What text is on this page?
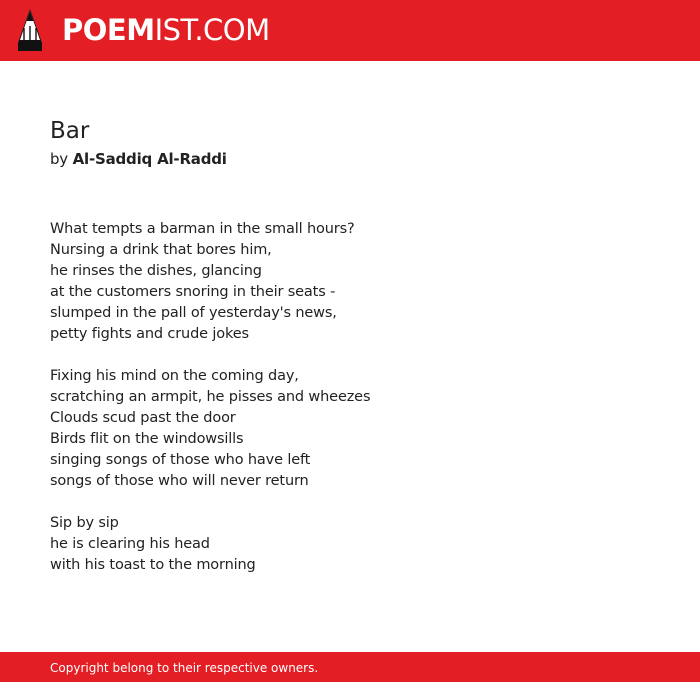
POEMIST.COM
Bar
by Al-Saddiq Al-Raddi
What tempts a barman in the small hours?
Nursing a drink that bores him,
he rinses the dishes, glancing
at the customers snoring in their seats -
slumped in the pall of yesterday's news,
petty fights and crude jokes
Fixing his mind on the coming day,
scratching an armpit, he pisses and wheezes
Clouds scud past the door
Birds flit on the windowsills
singing songs of those who have left
songs of those who will never return
Sip by sip
he is clearing his head
with his toast to the morning
Copyright belong to their respective owners.
